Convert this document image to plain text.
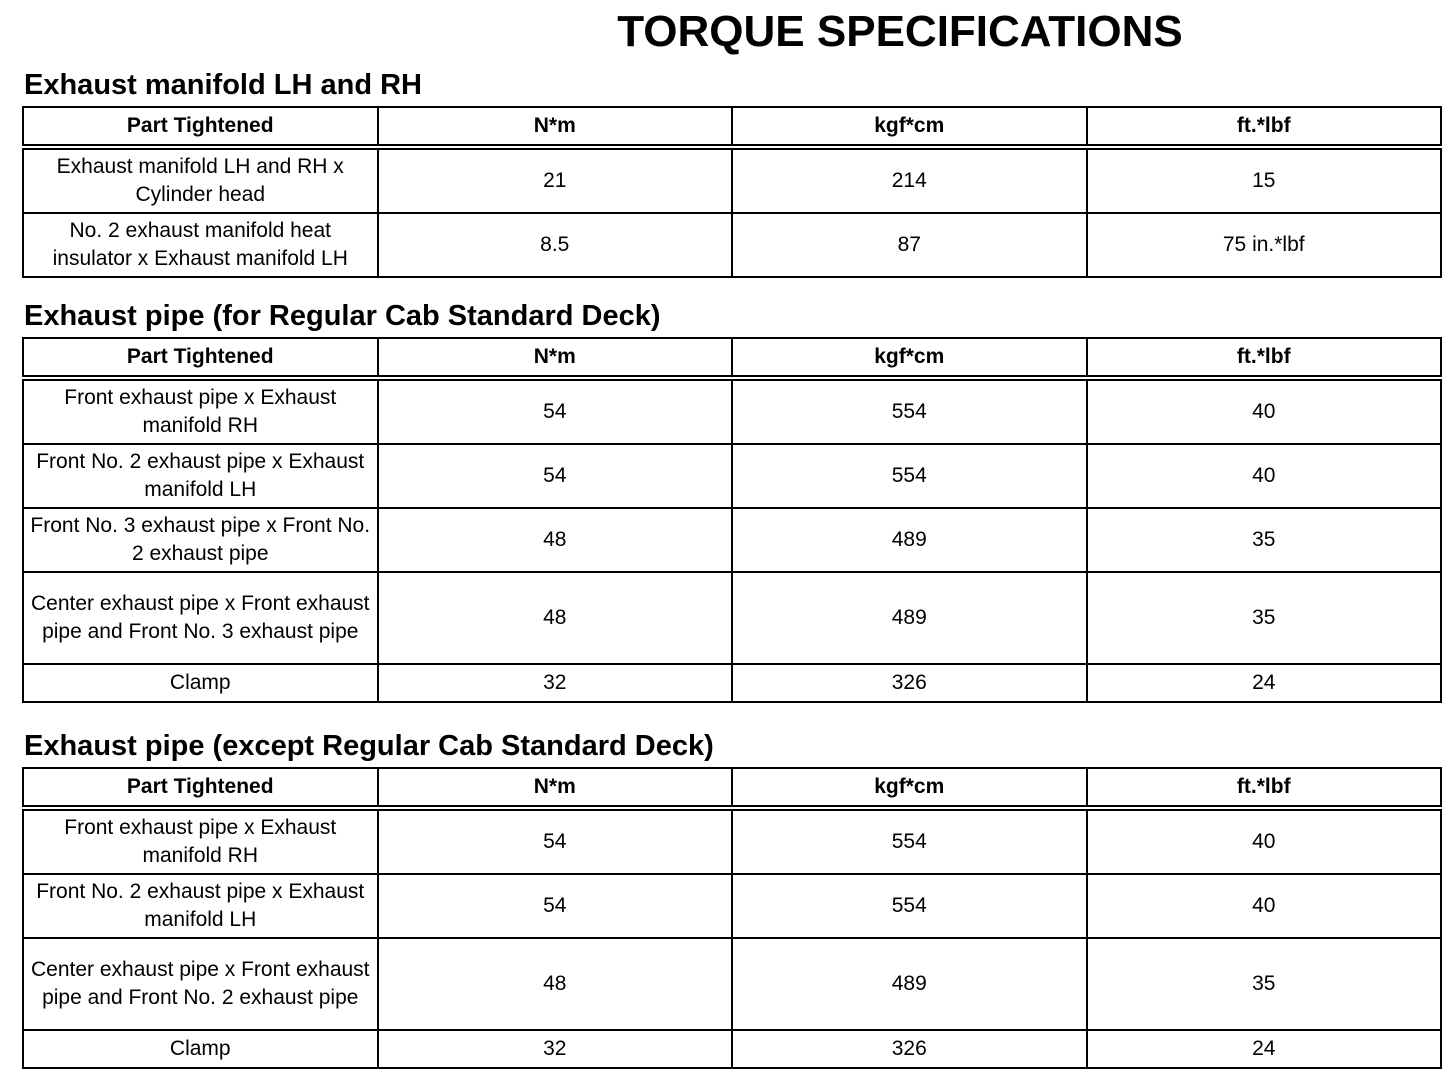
TORQUE SPECIFICATIONS
Exhaust manifold LH and RH
Part Tightened	N*m	kgf*cm	ft.*lbf
Exhaust manifold LH and RH x Cylinder head	21	214	15
No. 2 exhaust manifold heat insulator x Exhaust manifold LH	8.5	87	75 in.*lbf
Exhaust pipe (for Regular Cab Standard Deck)
Part Tightened	N*m	kgf*cm	ft.*lbf
Front exhaust pipe x Exhaust manifold RH	54	554	40
Front No. 2 exhaust pipe x Exhaust manifold LH	54	554	40
Front No. 3 exhaust pipe x Front No. 2 exhaust pipe	48	489	35
Center exhaust pipe x Front exhaust pipe and Front No. 3 exhaust pipe	48	489	35
Clamp	32	326	24
Exhaust pipe (except Regular Cab Standard Deck)
Part Tightened	N*m	kgf*cm	ft.*lbf
Front exhaust pipe x Exhaust manifold RH	54	554	40
Front No. 2 exhaust pipe x Exhaust manifold LH	54	554	40
Center exhaust pipe x Front exhaust pipe and Front No. 2 exhaust pipe	48	489	35
Clamp	32	326	24
